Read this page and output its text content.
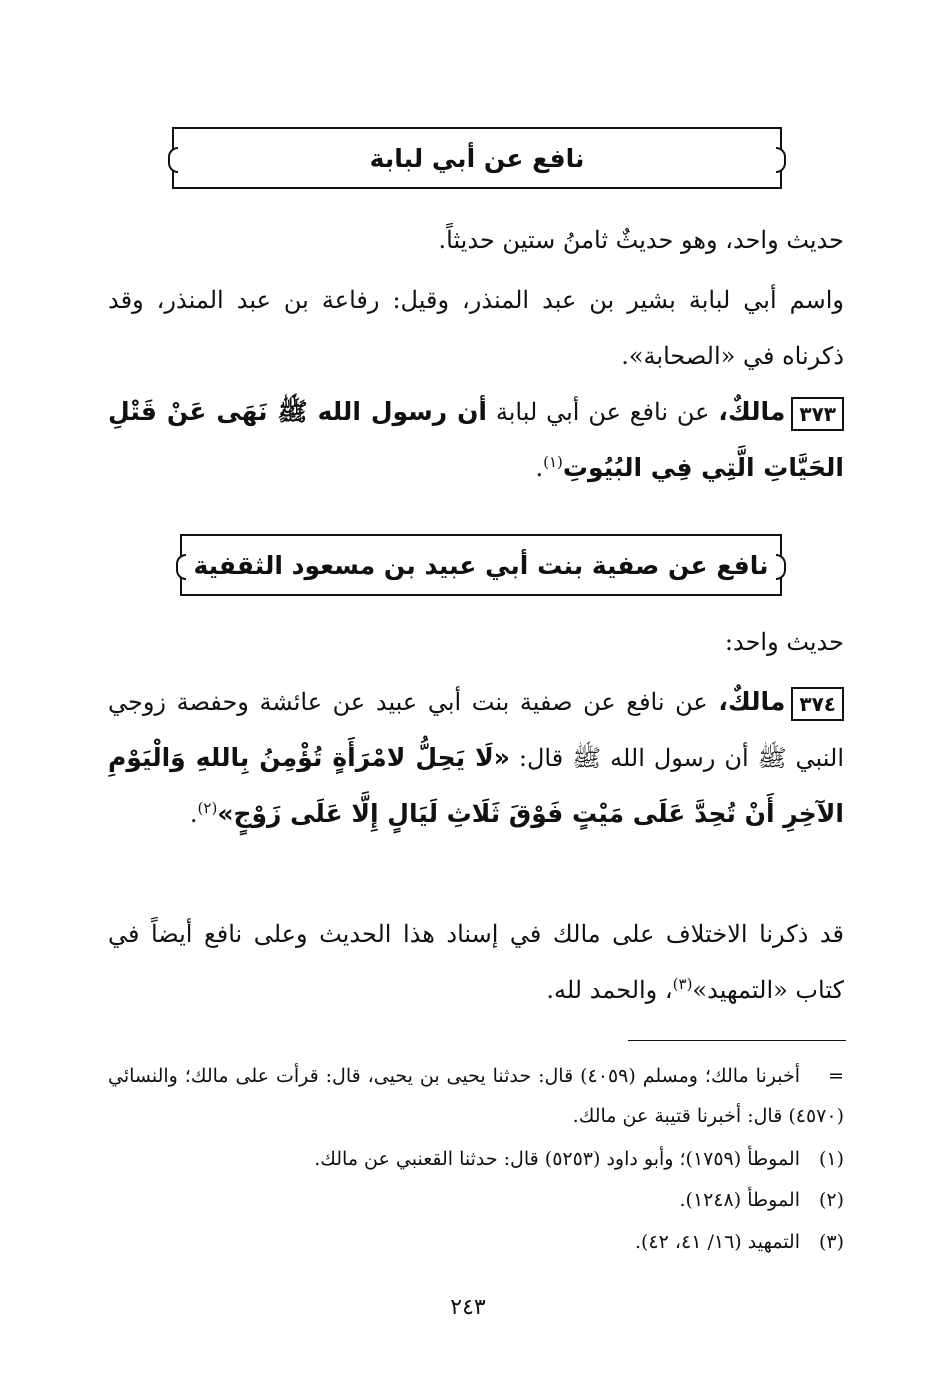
نافع عن أبي لبابة
حديث واحد، وهو حديثٌ ثامنُ ستين حديثاً.
واسم أبي لبابة بشير بن عبد المنذر، وقيل: رفاعة بن عبد المنذر، وقد ذكرناه في «الصحابة».
٣٧٣مالكٌ، عن نافع عن أبي لبابة أن رسول الله ﷺ نَهَى عَنْ قَتْلِ الحَيَّاتِ الَّتِي فِي البُيُوتِ$^{(١)}$.
نافع عن صفية بنت أبي عبيد بن مسعود الثقفية
حديث واحد:
٣٧٤مالكٌ، عن نافع عن صفية بنت أبي عبيد عن عائشة وحفصة زوجي النبي ﷺ أن رسول الله ﷺ قال: «لَا يَحِلُّ لامْرَأَةٍ تُؤْمِنُ بِاللهِ وَالْيَوْمِ الآخِرِ أَنْ تُحِدَّ عَلَى مَيْتٍ فَوْقَ ثَلَاثِ لَيَالٍ إِلَّا عَلَى زَوْجٍ»$^{(٢)}$.
قد ذكرنا الاختلاف على مالك في إسناد هذا الحديث وعلى نافع أيضاً في كتاب «التمهيد»$^{(٣)}$، والحمد لله.
=أخبرنا مالك؛ ومسلم (٤٠٥٩) قال: حدثنا يحيى بن يحيى، قال: قرأت على مالك؛ والنسائي (٤٥٧٠) قال: أخبرنا قتيبة عن مالك.
(١)الموطأ (١٧٥٩)؛ وأبو داود (٥٢٥٣) قال: حدثنا القعنبي عن مالك.
(٢)الموطأ (١٢٤٨).
(٣)التمهيد (١٦/ ٤١، ٤٢).
٢٤٣
